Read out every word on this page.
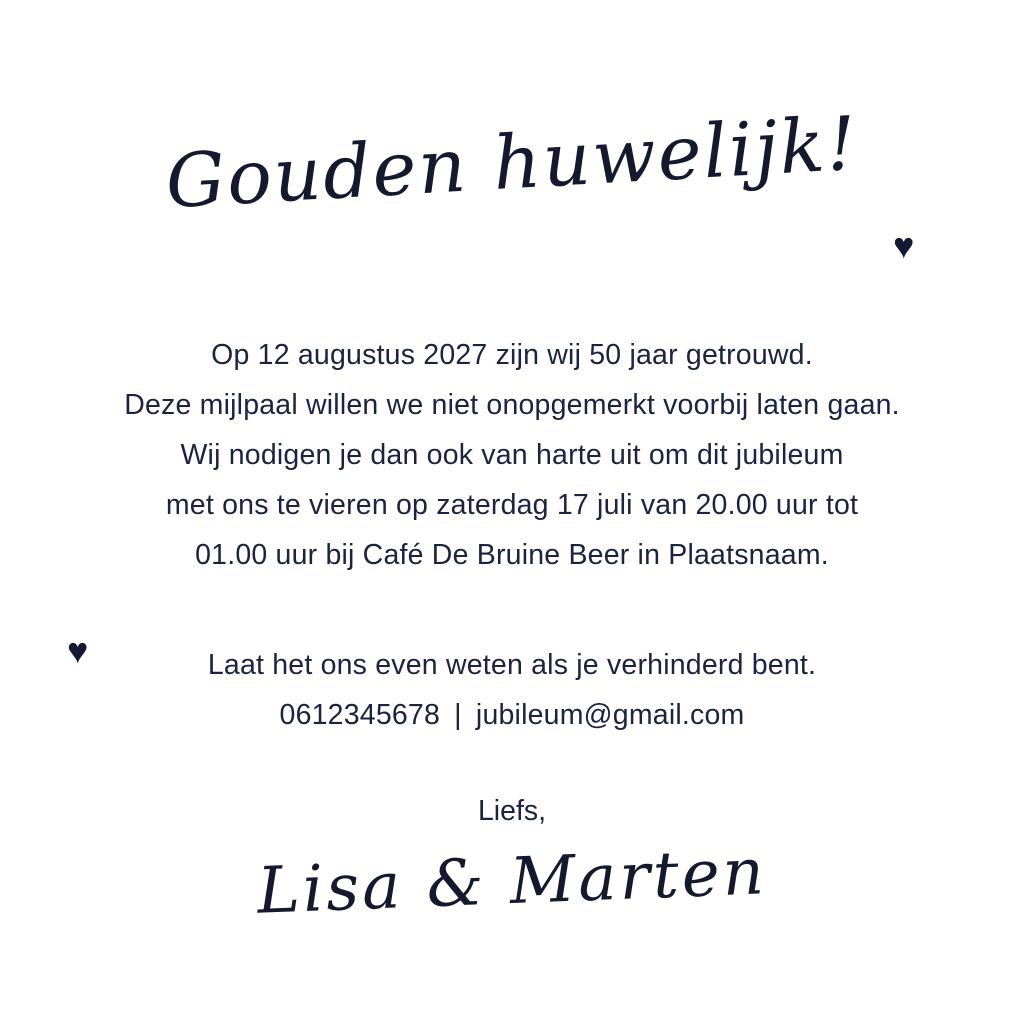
Gouden huwelijk!
♥
Op 12 augustus 2027 zijn wij 50 jaar getrouwd.
Deze mijlpaal willen we niet onopgemerkt voorbij laten gaan.
Wij nodigen je dan ook van harte uit om dit jubileum
met ons te vieren op zaterdag 17 juli van 20.00 uur tot
01.00 uur bij Café De Bruine Beer in Plaatsnaam.
♥	Laat het ons even weten als je verhinderd bent.
0612345678 | jubileum@gmail.com
Liefs,
Lisa & Marten
